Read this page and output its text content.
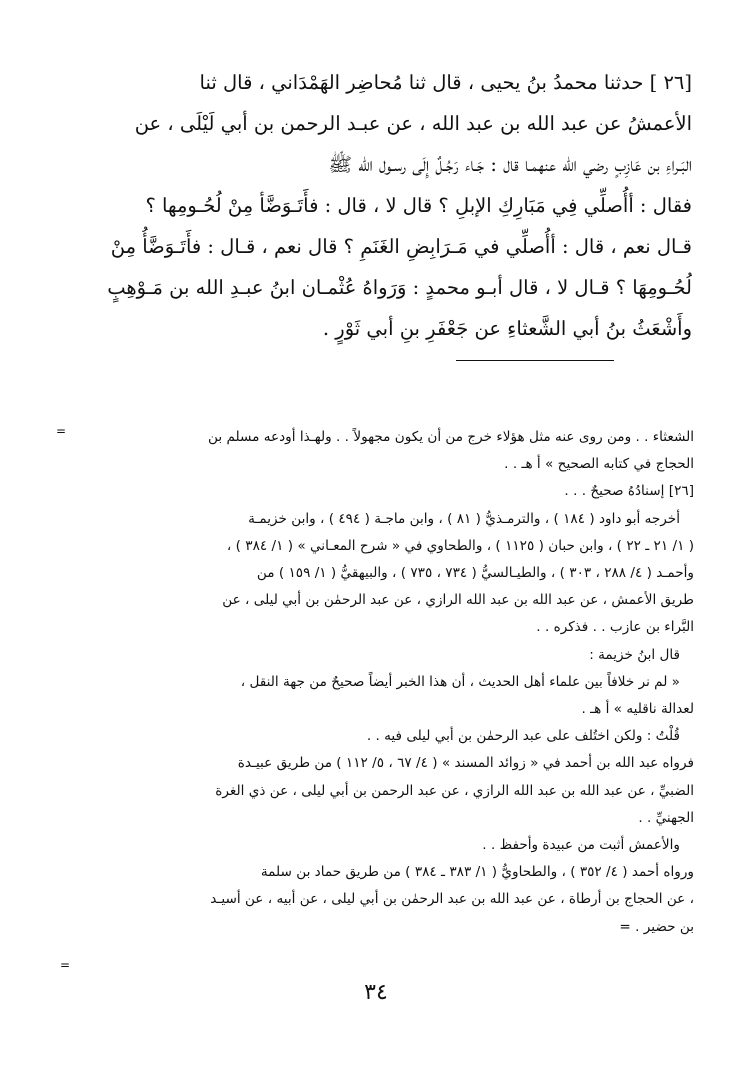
[٢٦ ] حدثنا محمدُ بنُ يحيى ، قال ثنا مُحاضِر الهَمْدَاني ، قال ثنا

الأعمشُ عن عبد الله بن عبد الله ، عن عبـد الرحمن بن أبي لَيْلَى ، عن

البَـراءِ بن عَازِبٍ رضي الله عنهمـا قال : جَـاء رَجُـلٌ إِلَى رسـول الله ﷺ

فقال : أأُصلِّي فِي مَبَارِكِ الإبلِ ؟ قال لا ، قال : فأَتَـوَضَّأ مِنْ لُحُـومِها ؟

قـال نعم ، قال : أأُصلِّي في مَـرَابِضِ الغَنَمِ ؟ قال نعم ، قـال : فأَتَـوَضَّأُ مِنْ

لُحُـومِهَا ؟ قـال لا ، قال أبـو محمدٍ : وَرَواهُ عُثْمـان ابنُ عبـدِ الله بن مَـوْهِبٍ

وأَشْعَثُ بنُ أبي الشَّعثاءِ عن جَعْفَرِ بنِ أبي ثَوْرٍ .

=	الشعثاء . . ومن روى عنه مثل هؤلاء خرج من أن يكون مجهولاً . . ولهـذا أودعه مسلم بن

الحجاج في كتابه الصحيح » أ هـ . .

[٢٦] إسنادُهُ صحيحٌ . . .

أخرجه أبو داود ( ١٨٤ ) ، والترمـذيُّ ( ٨١ ) ، وابن ماجـة ( ٤٩٤ ) ، وابن خزيمـة

( ١/ ٢١ ـ ٢٢ ) ، وابن حبان ( ١١٢٥ ) ، والطحاوي في « شرح المعـاني » ( ١/ ٣٨٤ ) ،

وأحمـد ( ٤/ ٢٨٨ ، ٣٠٣ ) ، والطيـالسيُّ ( ٧٣٤ ، ٧٣٥ ) ، والبيهقيُّ ( ١/ ١٥٩ ) من

طريق الأعمش ، عن عبد الله بن عبد الله الرازي ، عن عبد الرحمٰن بن أبي ليلى ، عن

البَّراء بن عازب . . فذكره . .

قال ابنُ خزيمة :

« لم نر خلافاً بين علماء أهل الحديث ، أن هذا الخبر أيضاً صحيحٌ من جهة النقل ،

لعدالة ناقليه » أ هـ .

قُلْتُ : ولكن اختُلف على عبد الرحمٰن بن أبي ليلى فيه . .

فرواه عبد الله بن أحمد في « زوائد المسند » ( ٤/ ٦٧ ، ٥/ ١١٢ ) من طريق عبيـدة

الضبيِّ ، عن عبد الله بن عبد الله الرازي ، عن عبد الرحمن بن أبي ليلى ، عن ذي الغرة

الجهنيِّ . .

والأعمش أثبت من عبيدة وأحفظ . .

ورواه أحمد ( ٤/ ٣٥٢ ) ، والطحاويُّ ( ١/ ٣٨٣ ـ ٣٨٤ ) من طريق حماد بن سلمة

، عن الحجاج بن أرطاة ، عن عبد الله بن عبد الرحمٰن بن أبي ليلى ، عن أبيه ، عن أسيـد

بن حضير . =

=
٣٤
